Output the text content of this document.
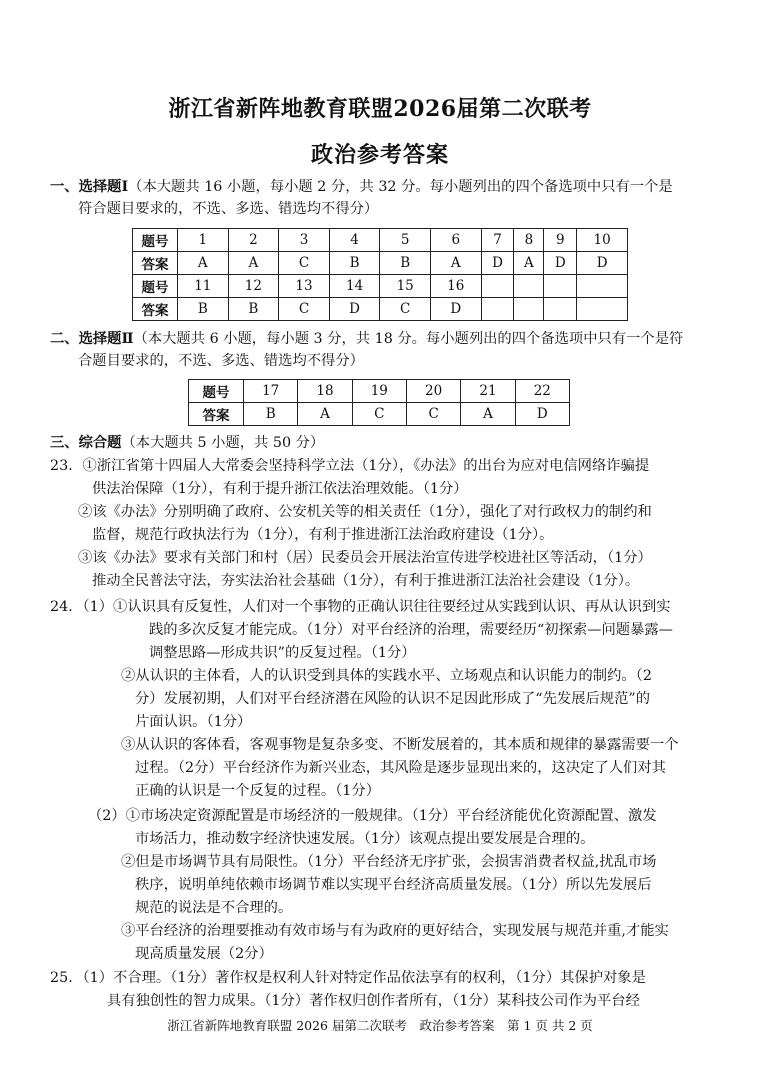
浙江省新阵地教育联盟2026届第二次联考
政治参考答案
一、选择题Ⅰ（本大题共 16 小题，每小题 2 分，共 32 分。每小题列出的四个备选项中只有一个是
符合题目要求的，不选、多选、错选均不得分）
题号	1	2	3	4	5	6	7	8	9	10
答案	A	A	C	B	B	A	D	A	D	D
题号	11	12	13	14	15	16				
答案	B	B	C	D	C	D				
二、选择题Ⅱ（本大题共 6 小题，每小题 3 分，共 18 分。每小题列出的四个备选项中只有一个是符
合题目要求的，不选、多选、错选均不得分）
题号	17	18	19	20	21	22
答案	B	A	C	C	A	D
三、综合题（本大题共 5 小题，共 50 分）
23．①浙江省第十四届人大常委会坚持科学立法（1分），《办法》的出台为应对电信网络诈骗提
供法治保障（1分），有利于提升浙江依法治理效能。（1分）
②该《办法》分别明确了政府、公安机关等的相关责任（1分），强化了对行政权力的制约和
监督，规范行政执法行为（1分），有利于推进浙江法治政府建设（1分）。
③该《办法》要求有关部门和村（居）民委员会开展法治宣传进学校进社区等活动，（1分）
推动全民普法守法，夯实法治社会基础（1分），有利于推进浙江法治社会建设（1分）。
24．（1）①认识具有反复性，人们对一个事物的正确认识往往要经过从实践到认识、再从认识到实
践的多次反复才能完成。（1分）对平台经济的治理，需要经历“初探索—问题暴露—
调整思路—形成共识”的反复过程。（1分）
②从认识的主体看，人的认识受到具体的实践水平、立场观点和认识能力的制约。（2
分）发展初期，人们对平台经济潜在风险的认识不足因此形成了“先发展后规范”的
片面认识。（1分）
③从认识的客体看，客观事物是复杂多变、不断发展着的，其本质和规律的暴露需要一个
过程。（2分）平台经济作为新兴业态，其风险是逐步显现出来的，这决定了人们对其
正确的认识是一个反复的过程。（1分）
（2）①市场决定资源配置是市场经济的一般规律。（1分）平台经济能优化资源配置、激发
市场活力，推动数字经济快速发展。（1分）该观点提出要发展是合理的。
②但是市场调节具有局限性。（1分）平台经济无序扩张，会损害消费者权益,扰乱市场
秩序，说明单纯依赖市场调节难以实现平台经济高质量发展。（1分）所以先发展后
规范的说法是不合理的。
③平台经济的治理要推动有效市场与有为政府的更好结合，实现发展与规范并重,才能实
现高质量发展（2分）
25．（1）不合理。（1分）著作权是权利人针对特定作品依法享有的权利，（1分）其保护对象是
具有独创性的智力成果。（1分）著作权归创作者所有，（1分）某科技公司作为平台经
浙江省新阵地教育联盟 2026 届第二次联考　政治参考答案　第 1 页 共 2 页
